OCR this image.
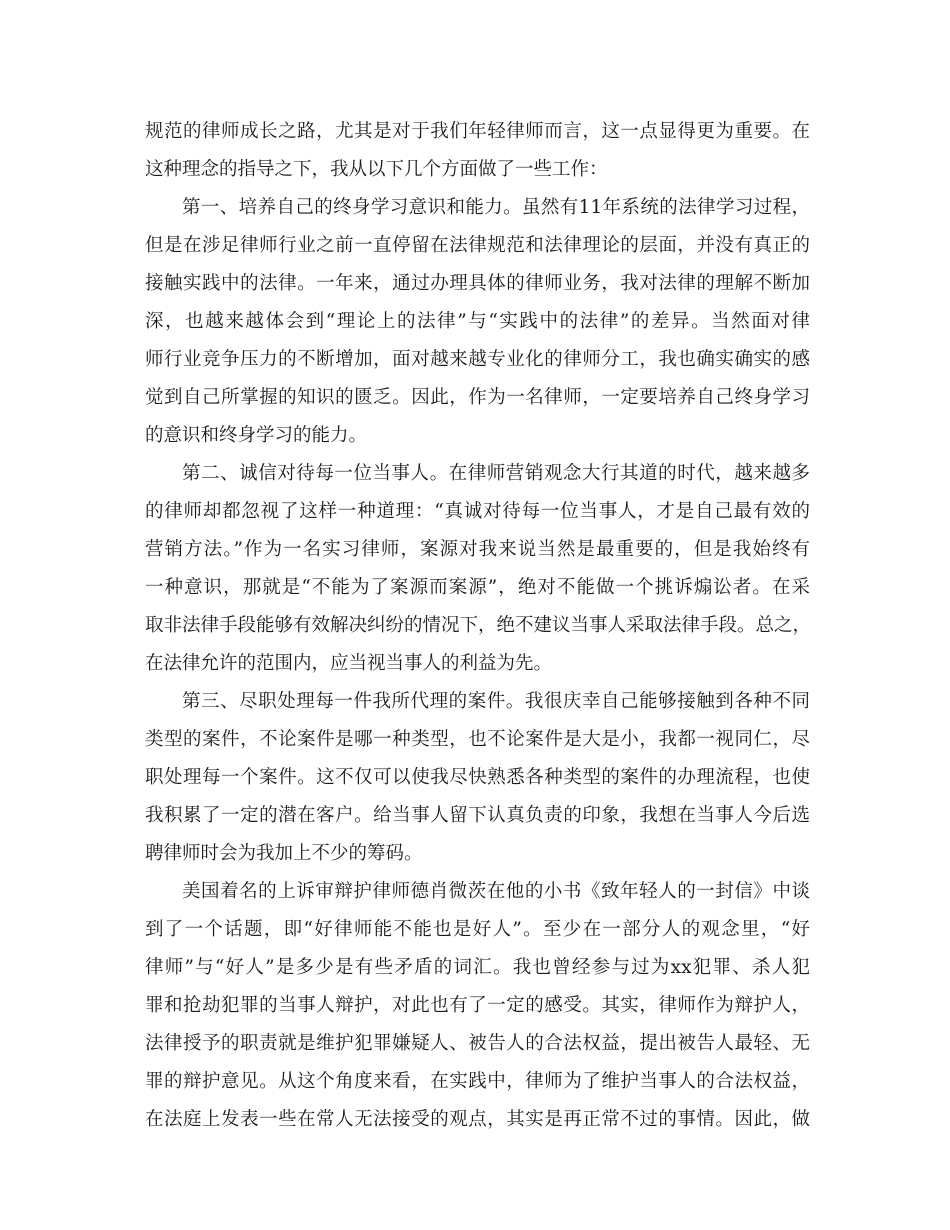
规范的律师成长之路，尤其是对于我们年轻律师而言，这一点显得更为重要。在
这种理念的指导之下，我从以下几个方面做了一些工作：
第一、培养自己的终身学习意识和能力。虽然有11年系统的法律学习过程，
但是在涉足律师行业之前一直停留在法律规范和法律理论的层面，并没有真正的
接触实践中的法律。一年来，通过办理具体的律师业务，我对法律的理解不断加
深，也越来越体会到“理论上的法律”与“实践中的法律”的差异。当然面对律
师行业竞争压力的不断增加，面对越来越专业化的律师分工，我也确实确实的感
觉到自己所掌握的知识的匮乏。因此，作为一名律师，一定要培养自己终身学习
的意识和终身学习的能力。
第二、诚信对待每一位当事人。在律师营销观念大行其道的时代，越来越多
的律师却都忽视了这样一种道理：“真诚对待每一位当事人，才是自己最有效的
营销方法。”作为一名实习律师，案源对我来说当然是最重要的，但是我始终有
一种意识，那就是“不能为了案源而案源”，绝对不能做一个挑诉煽讼者。在采
取非法律手段能够有效解决纠纷的情况下，绝不建议当事人采取法律手段。总之，
在法律允许的范围内，应当视当事人的利益为先。
第三、尽职处理每一件我所代理的案件。我很庆幸自己能够接触到各种不同
类型的案件，不论案件是哪一种类型，也不论案件是大是小，我都一视同仁，尽
职处理每一个案件。这不仅可以使我尽快熟悉各种类型的案件的办理流程，也使
我积累了一定的潜在客户。给当事人留下认真负责的印象，我想在当事人今后选
聘律师时会为我加上不少的筹码。
美国着名的上诉审辩护律师德肖微茨在他的小书《致年轻人的一封信》中谈
到了一个话题，即“好律师能不能也是好人”。至少在一部分人的观念里，“好
律师”与“好人”是多少是有些矛盾的词汇。我也曾经参与过为xx犯罪、杀人犯
罪和抢劫犯罪的当事人辩护，对此也有了一定的感受。其实，律师作为辩护人，
法律授予的职责就是维护犯罪嫌疑人、被告人的合法权益，提出被告人最轻、无
罪的辩护意见。从这个角度来看，在实践中，律师为了维护当事人的合法权益，
在法庭上发表一些在常人无法接受的观点，其实是再正常不过的事情。因此，做
